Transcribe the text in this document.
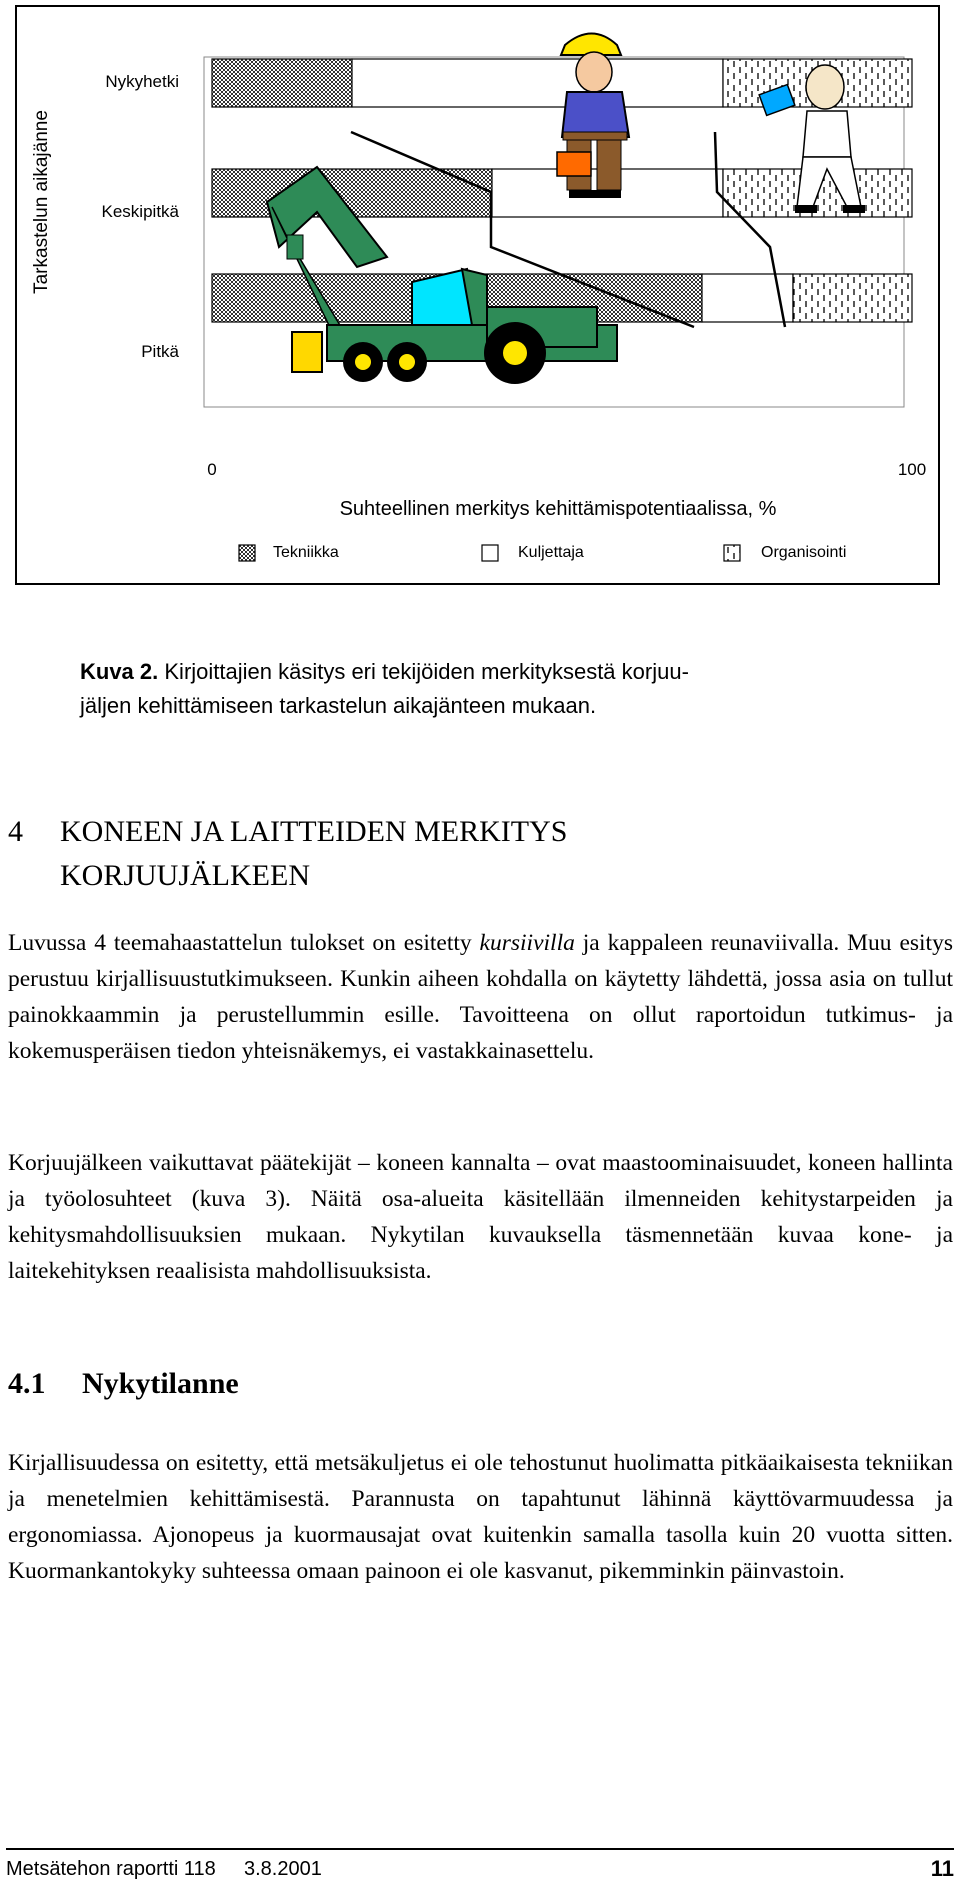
Tarkastelun aikajänne
Nykyhetki
Keskipitkä
Pitkä
0	100
Suhteellinen merkitys kehittämispotentiaalissa, %
Tekniikka	Kuljettaja	Organisointi
Kuva 2. Kirjoittajien käsitys eri tekijöiden merkityksestä korjuu-
jäljen kehittämiseen tarkastelun aikajänteen mukaan.
4 KONEEN JA LAITTEIDEN MERKITYS
KORJUUJÄLKEEN

Luvussa 4 teemahaastattelun tulokset on esitetty kursiivilla ja kappaleen reunaviivalla. Muu esitys perustuu kirjallisuustutkimukseen. Kunkin aiheen kohdalla on käytetty lähdettä, jossa asia on tullut painokkaammin ja perustellummin esille. Tavoitteena on ollut raportoidun tutkimus- ja kokemusperäisen tiedon yhteisnäkemys, ei vastakkainasettelu.

Korjuujälkeen vaikuttavat päätekijät – koneen kannalta – ovat maastoominaisuudet, koneen hallinta ja työolosuhteet (kuva 3). Näitä osa-alueita käsitellään ilmenneiden kehitystarpeiden ja kehitysmahdollisuuksien mukaan. Nykytilan kuvauksella täsmennetään kuvaa kone- ja laitekehityksen reaalisista mahdollisuuksista.

4.1 Nykytilanne

Kirjallisuudessa on esitetty, että metsäkuljetus ei ole tehostunut huolimatta pitkäaikaisesta tekniikan ja menetelmien kehittämisestä. Parannusta on tapahtunut lähinnä käyttövarmuudessa ja ergonomiassa. Ajonopeus ja kuormausajat ovat kuitenkin samalla tasolla kuin 20 vuotta sitten. Kuormankantokyky suhteessa omaan painoon ei ole kasvanut, pikemminkin päinvastoin.

Metsätehon raportti 118 3.8.2001	11
